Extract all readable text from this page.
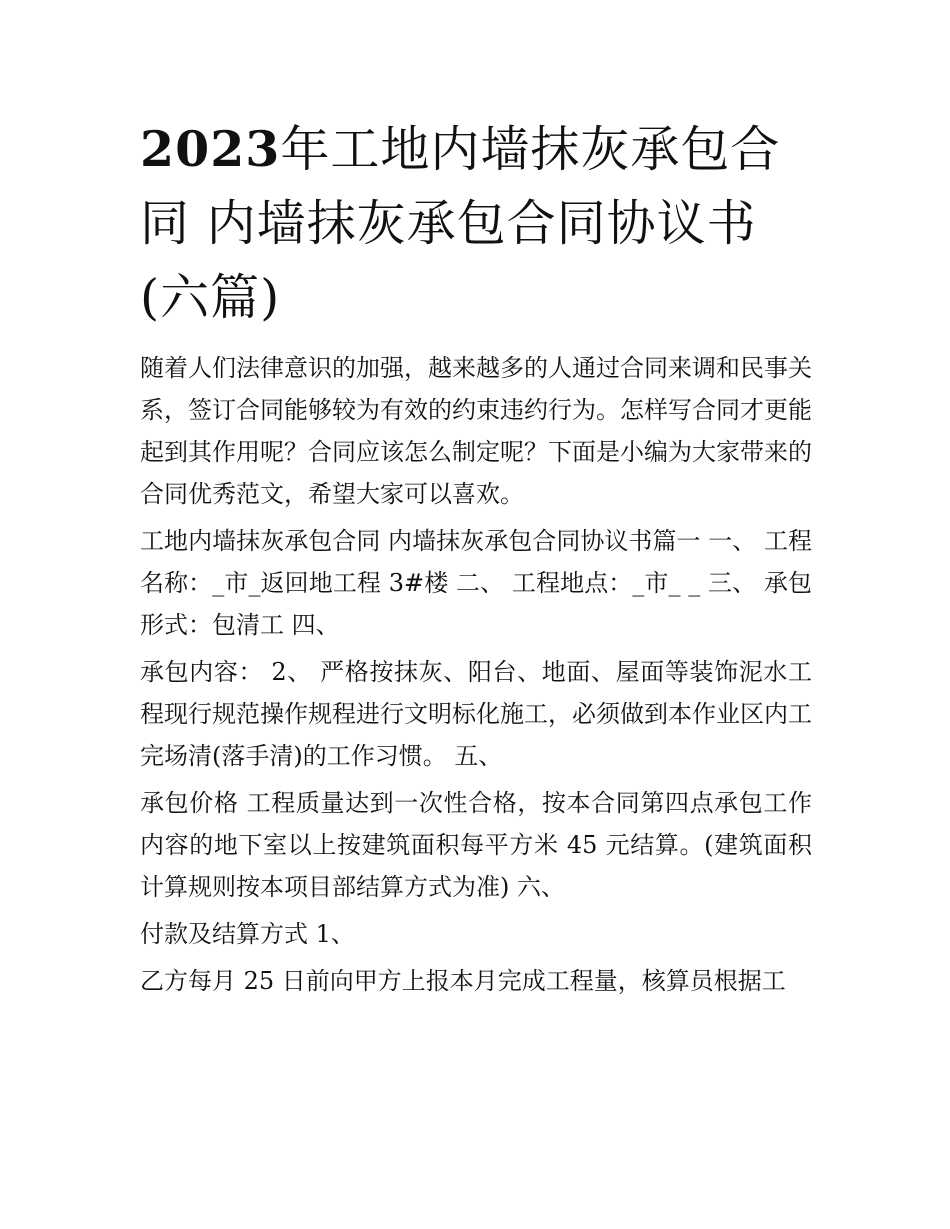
2023年工地内墙抹灰承包合同 内墙抹灰承包合同协议书(六篇)

随着人们法律意识的加强，越来越多的人通过合同来调和民事关系，签订合同能够较为有效的约束违约行为。怎样写合同才更能起到其作用呢？合同应该怎么制定呢？下面是小编为大家带来的合同优秀范文，希望大家可以喜欢。

工地内墙抹灰承包合同 内墙抹灰承包合同协议书篇一 一、 工程名称：_市_返回地工程 3#楼 二、 工程地点：_市_ _ 三、 承包形式：包清工 四、

承包内容： 2、 严格按抹灰、阳台、地面、屋面等装饰泥水工程现行规范操作规程进行文明标化施工，必须做到本作业区内工完场清(落手清)的工作习惯。 五、

承包价格 工程质量达到一次性合格，按本合同第四点承包工作内容的地下室以上按建筑面积每平方米 45 元结算。(建筑面积计算规则按本项目部结算方式为准) 六、

付款及结算方式 1、

乙方每月 25 日前向甲方上报本月完成工程量，核算员根据工
